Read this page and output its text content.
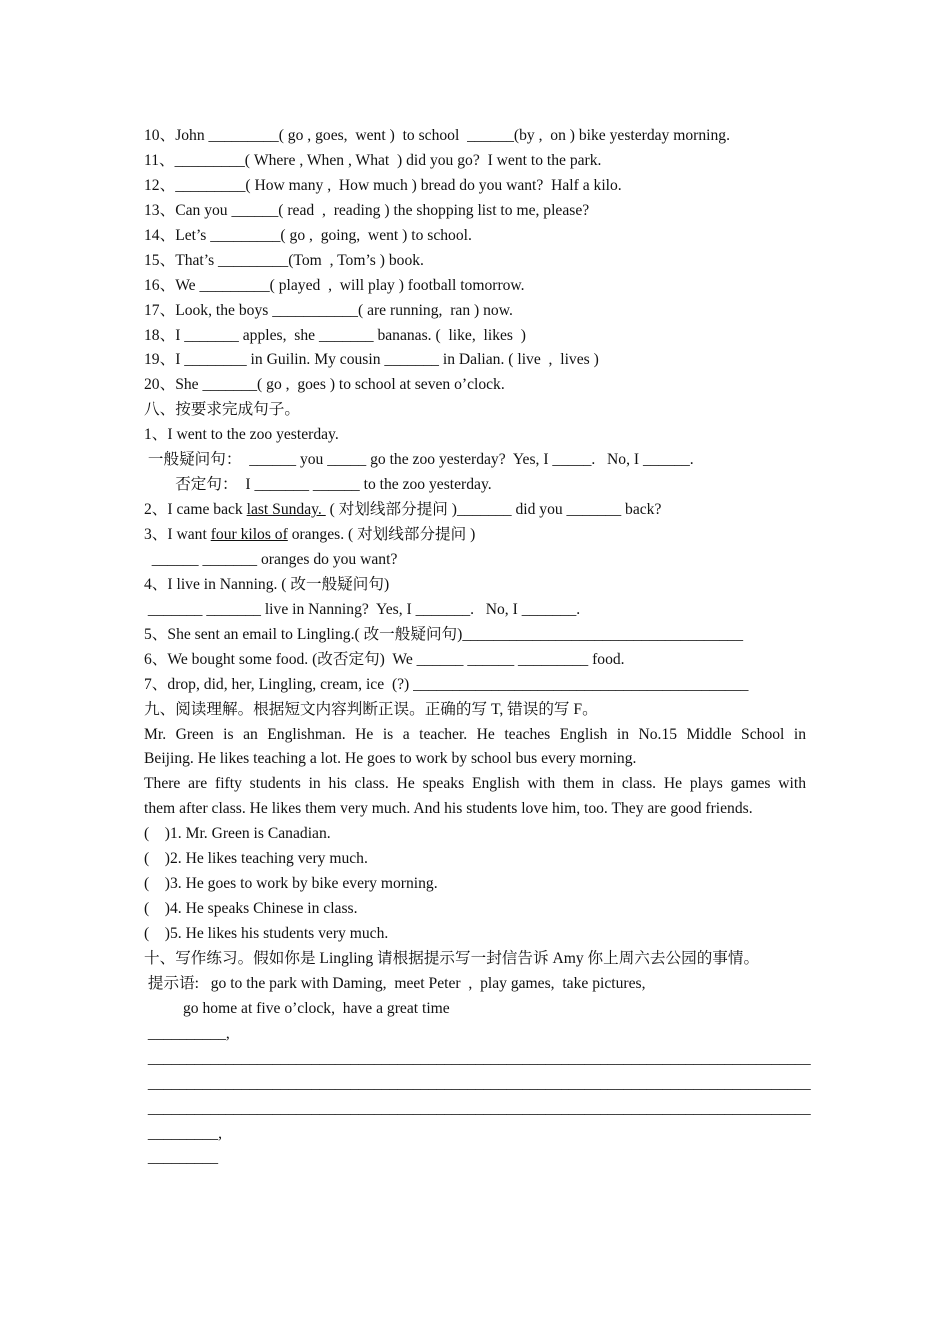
10、John _________( go , goes,  went )  to school  ______(by ,  on ) bike yesterday morning.
11、_________( Where , When , What  ) did you go?  I went to the park.
12、_________( How many ,  How much ) bread do you want?  Half a kilo.
13、Can you ______( read  ,  reading ) the shopping list to me, please?
14、Let’s _________( go ,  going,  went ) to school.
15、That’s _________(Tom  , Tom’s ) book.
16、We _________( played  ,  will play ) football tomorrow.
17、Look, the boys ___________( are running,  ran ) now.
18、I _______ apples,  she _______ bananas. (  like,  likes  )
19、I ________ in Guilin. My cousin _______ in Dalian. ( live  ,  lives )
20、She _______( go ,  goes ) to school at seven o’clock.
八、按要求完成句子。
1、I went to the zoo yesterday.
一般疑问句：  ______ you _____ go the zoo yesterday?  Yes, I _____.   No, I ______.
否定句：  I _______ ______ to the zoo yesterday.
2、I came back last Sunday.  ( 对划线部分提问 )_______ did you _______ back?
3、I want four kilos of oranges. ( 对划线部分提问 )
______ _______ oranges do you want?
4、I live in Nanning. ( 改一般疑问句)
_______ _______ live in Nanning?  Yes, I _______.   No, I _______.
5、She sent an email to Lingling.( 改一般疑问句)____________________________________
6、We bought some food. (改否定句)  We ______ ______ _________ food.
7、drop, did, her, Lingling, cream, ice  (?) ___________________________________________
九、阅读理解。根据短文内容判断正误。正确的写 T, 错误的写 F。
Mr. Green is an Englishman. He is a teacher. He teaches English in No.15 Middle School in
Beijing. He likes teaching a lot. He goes to work by school bus every morning.
There are fifty students in his class. He speaks English with them in class. He plays games with
them after class. He likes them very much. And his students love him, too. They are good friends.
(    )1. Mr. Green is Canadian.
(    )2. He likes teaching very much.
(    )3. He goes to work by bike every morning.
(    )4. He speaks Chinese in class.
(    )5. He likes his students very much.
十、写作练习。假如你是 Lingling 请根据提示写一封信告诉 Amy 你上周六去公园的事情。
提示语:   go to the park with Daming,  meet Peter  ,  play games,  take pictures,
go home at five o’clock,  have a great time
__________,
_____________________________________________________________________________________
_____________________________________________________________________________________
_____________________________________________________________________________________
_________,
_________
